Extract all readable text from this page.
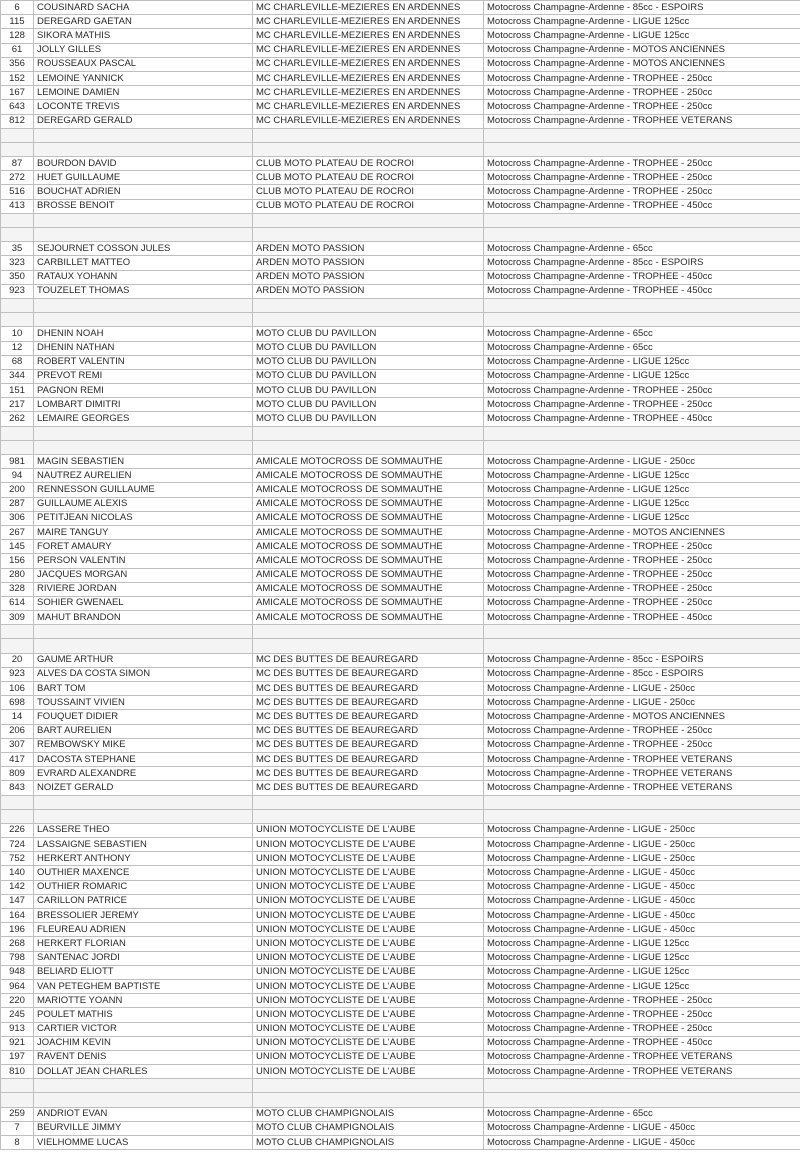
6	COUSINARD SACHA	MC CHARLEVILLE-MEZIERES EN ARDENNES	Motocross Champagne-Ardenne - 85cc - ESPOIRS
115	DEREGARD GAETAN	MC CHARLEVILLE-MEZIERES EN ARDENNES	Motocross Champagne-Ardenne - LIGUE 125cc
128	SIKORA MATHIS	MC CHARLEVILLE-MEZIERES EN ARDENNES	Motocross Champagne-Ardenne - LIGUE 125cc
61	JOLLY GILLES	MC CHARLEVILLE-MEZIERES EN ARDENNES	Motocross Champagne-Ardenne - MOTOS ANCIENNES
356	ROUSSEAUX PASCAL	MC CHARLEVILLE-MEZIERES EN ARDENNES	Motocross Champagne-Ardenne - MOTOS ANCIENNES
152	LEMOINE YANNICK	MC CHARLEVILLE-MEZIERES EN ARDENNES	Motocross Champagne-Ardenne - TROPHEE - 250cc
167	LEMOINE DAMIEN	MC CHARLEVILLE-MEZIERES EN ARDENNES	Motocross Champagne-Ardenne - TROPHEE - 250cc
643	LOCONTE TREVIS	MC CHARLEVILLE-MEZIERES EN ARDENNES	Motocross Champagne-Ardenne - TROPHEE - 250cc
812	DEREGARD GERALD	MC CHARLEVILLE-MEZIERES EN ARDENNES	Motocross Champagne-Ardenne - TROPHEE VETERANS

87	BOURDON DAVID	CLUB MOTO PLATEAU DE ROCROI	Motocross Champagne-Ardenne - TROPHEE - 250cc
272	HUET GUILLAUME	CLUB MOTO PLATEAU DE ROCROI	Motocross Champagne-Ardenne - TROPHEE - 250cc
516	BOUCHAT ADRIEN	CLUB MOTO PLATEAU DE ROCROI	Motocross Champagne-Ardenne - TROPHEE - 250cc
413	BROSSE BENOIT	CLUB MOTO PLATEAU DE ROCROI	Motocross Champagne-Ardenne - TROPHEE - 450cc

35	SEJOURNET COSSON JULES	ARDEN MOTO PASSION	Motocross Champagne-Ardenne - 65cc
323	CARBILLET MATTEO	ARDEN MOTO PASSION	Motocross Champagne-Ardenne - 85cc - ESPOIRS
350	RATAUX YOHANN	ARDEN MOTO PASSION	Motocross Champagne-Ardenne - TROPHEE - 450cc
923	TOUZELET THOMAS	ARDEN MOTO PASSION	Motocross Champagne-Ardenne - TROPHEE - 450cc

10	DHENIN NOAH	MOTO CLUB DU PAVILLON	Motocross Champagne-Ardenne - 65cc
12	DHENIN NATHAN	MOTO CLUB DU PAVILLON	Motocross Champagne-Ardenne - 65cc
68	ROBERT VALENTIN	MOTO CLUB DU PAVILLON	Motocross Champagne-Ardenne - LIGUE 125cc
344	PREVOT REMI	MOTO CLUB DU PAVILLON	Motocross Champagne-Ardenne - LIGUE 125cc
151	PAGNON REMI	MOTO CLUB DU PAVILLON	Motocross Champagne-Ardenne - TROPHEE - 250cc
217	LOMBART DIMITRI	MOTO CLUB DU PAVILLON	Motocross Champagne-Ardenne - TROPHEE - 250cc
262	LEMAIRE GEORGES	MOTO CLUB DU PAVILLON	Motocross Champagne-Ardenne - TROPHEE - 450cc

981	MAGIN SEBASTIEN	AMICALE MOTOCROSS DE SOMMAUTHE	Motocross Champagne-Ardenne - LIGUE - 250cc
94	NAUTREZ AURELIEN	AMICALE MOTOCROSS DE SOMMAUTHE	Motocross Champagne-Ardenne - LIGUE 125cc
200	RENNESSON GUILLAUME	AMICALE MOTOCROSS DE SOMMAUTHE	Motocross Champagne-Ardenne - LIGUE 125cc
287	GUILLAUME ALEXIS	AMICALE MOTOCROSS DE SOMMAUTHE	Motocross Champagne-Ardenne - LIGUE 125cc
306	PETITJEAN NICOLAS	AMICALE MOTOCROSS DE SOMMAUTHE	Motocross Champagne-Ardenne - LIGUE 125cc
267	MAIRE TANGUY	AMICALE MOTOCROSS DE SOMMAUTHE	Motocross Champagne-Ardenne - MOTOS ANCIENNES
145	FORET AMAURY	AMICALE MOTOCROSS DE SOMMAUTHE	Motocross Champagne-Ardenne - TROPHEE - 250cc
156	PERSON VALENTIN	AMICALE MOTOCROSS DE SOMMAUTHE	Motocross Champagne-Ardenne - TROPHEE - 250cc
280	JACQUES MORGAN	AMICALE MOTOCROSS DE SOMMAUTHE	Motocross Champagne-Ardenne - TROPHEE - 250cc
328	RIVIERE JORDAN	AMICALE MOTOCROSS DE SOMMAUTHE	Motocross Champagne-Ardenne - TROPHEE - 250cc
614	SOHIER GWENAEL	AMICALE MOTOCROSS DE SOMMAUTHE	Motocross Champagne-Ardenne - TROPHEE - 250cc
309	MAHUT BRANDON	AMICALE MOTOCROSS DE SOMMAUTHE	Motocross Champagne-Ardenne - TROPHEE - 450cc

20	GAUME ARTHUR	MC DES BUTTES DE BEAUREGARD	Motocross Champagne-Ardenne - 85cc - ESPOIRS
923	ALVES DA COSTA SIMON	MC DES BUTTES DE BEAUREGARD	Motocross Champagne-Ardenne - 85cc - ESPOIRS
106	BART TOM	MC DES BUTTES DE BEAUREGARD	Motocross Champagne-Ardenne - LIGUE - 250cc
698	TOUSSAINT VIVIEN	MC DES BUTTES DE BEAUREGARD	Motocross Champagne-Ardenne - LIGUE - 250cc
14	FOUQUET DIDIER	MC DES BUTTES DE BEAUREGARD	Motocross Champagne-Ardenne - MOTOS ANCIENNES
206	BART AURELIEN	MC DES BUTTES DE BEAUREGARD	Motocross Champagne-Ardenne - TROPHEE - 250cc
307	REMBOWSKY MIKE	MC DES BUTTES DE BEAUREGARD	Motocross Champagne-Ardenne - TROPHEE - 250cc
417	DACOSTA STEPHANE	MC DES BUTTES DE BEAUREGARD	Motocross Champagne-Ardenne - TROPHEE VETERANS
809	EVRARD ALEXANDRE	MC DES BUTTES DE BEAUREGARD	Motocross Champagne-Ardenne - TROPHEE VETERANS
843	NOIZET GERALD	MC DES BUTTES DE BEAUREGARD	Motocross Champagne-Ardenne - TROPHEE VETERANS

226	LASSERE THEO	UNION MOTOCYCLISTE DE L'AUBE	Motocross Champagne-Ardenne - LIGUE - 250cc
724	LASSAIGNE SEBASTIEN	UNION MOTOCYCLISTE DE L'AUBE	Motocross Champagne-Ardenne - LIGUE - 250cc
752	HERKERT ANTHONY	UNION MOTOCYCLISTE DE L'AUBE	Motocross Champagne-Ardenne - LIGUE - 250cc
140	OUTHIER MAXENCE	UNION MOTOCYCLISTE DE L'AUBE	Motocross Champagne-Ardenne - LIGUE - 450cc
142	OUTHIER ROMARIC	UNION MOTOCYCLISTE DE L'AUBE	Motocross Champagne-Ardenne - LIGUE - 450cc
147	CARILLON PATRICE	UNION MOTOCYCLISTE DE L'AUBE	Motocross Champagne-Ardenne - LIGUE - 450cc
164	BRESSOLIER JEREMY	UNION MOTOCYCLISTE DE L'AUBE	Motocross Champagne-Ardenne - LIGUE - 450cc
196	FLEUREAU ADRIEN	UNION MOTOCYCLISTE DE L'AUBE	Motocross Champagne-Ardenne - LIGUE - 450cc
268	HERKERT FLORIAN	UNION MOTOCYCLISTE DE L'AUBE	Motocross Champagne-Ardenne - LIGUE 125cc
798	SANTENAC JORDI	UNION MOTOCYCLISTE DE L'AUBE	Motocross Champagne-Ardenne - LIGUE 125cc
948	BELIARD ELIOTT	UNION MOTOCYCLISTE DE L'AUBE	Motocross Champagne-Ardenne - LIGUE 125cc
964	VAN PETEGHEM BAPTISTE	UNION MOTOCYCLISTE DE L'AUBE	Motocross Champagne-Ardenne - LIGUE 125cc
220	MARIOTTE YOANN	UNION MOTOCYCLISTE DE L'AUBE	Motocross Champagne-Ardenne - TROPHEE - 250cc
245	POULET MATHIS	UNION MOTOCYCLISTE DE L'AUBE	Motocross Champagne-Ardenne - TROPHEE - 250cc
913	CARTIER VICTOR	UNION MOTOCYCLISTE DE L'AUBE	Motocross Champagne-Ardenne - TROPHEE - 250cc
921	JOACHIM KEVIN	UNION MOTOCYCLISTE DE L'AUBE	Motocross Champagne-Ardenne - TROPHEE - 450cc
197	RAVENT DENIS	UNION MOTOCYCLISTE DE L'AUBE	Motocross Champagne-Ardenne - TROPHEE VETERANS
810	DOLLAT JEAN CHARLES	UNION MOTOCYCLISTE DE L'AUBE	Motocross Champagne-Ardenne - TROPHEE VETERANS

259	ANDRIOT EVAN	MOTO CLUB CHAMPIGNOLAIS	Motocross Champagne-Ardenne - 65cc
7	BEURVILLE JIMMY	MOTO CLUB CHAMPIGNOLAIS	Motocross Champagne-Ardenne - LIGUE - 450cc
8	VIELHOMME LUCAS	MOTO CLUB CHAMPIGNOLAIS	Motocross Champagne-Ardenne - LIGUE - 450cc
